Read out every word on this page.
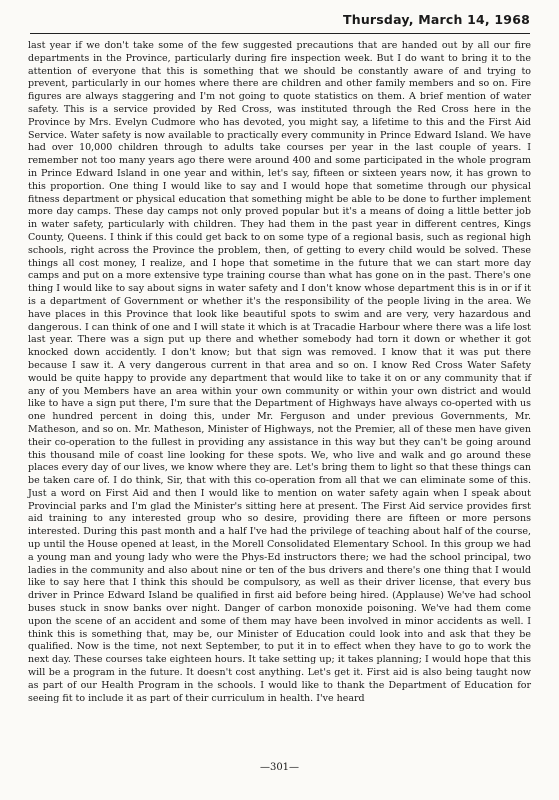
Thursday, March 14, 1968

last year if we don't take some of the few suggested precautions that are handed out by all our fire departments in the Province, particularly during fire inspection week. But I do want to bring it to the attention of everyone that this is something that we should be constantly aware of and trying to prevent, particularly in our homes where there are children and other family members and so on. Fire figures are always staggering and I'm not going to quote statistics on them. A brief mention of water safety. This is a service provided by Red Cross, was instituted through the Red Cross here in the Province by Mrs. Evelyn Cudmore who has devoted, you might say, a lifetime to this and the First Aid Service. Water safety is now available to practically every community in Prince Edward Island. We have had over 10,000 children through to adults take courses per year in the last couple of years. I remember not too many years ago there were around 400 and some participated in the whole program in Prince Edward Island in one year and within, let's say, fifteen or sixteen years now, it has grown to this proportion. One thing I would like to say and I would hope that sometime through our physical fitness department or physical education that something might be able to be done to further implement more day camps. These day camps not only proved popular but it's a means of doing a little better job in water safety, particularly with children. They had them in the past year in different centres, Kings County, Queens. I think if this could get back to on some type of a regional basis, such as regional high schools, right across the Province the problem, then, of getting to every child would be solved. These things all cost money, I realize, and I hope that sometime in the future that we can start more day camps and put on a more extensive type training course than what has gone on in the past. There's one thing I would like to say about signs in water safety and I don't know whose department this is in or if it is a department of Government or whether it's the responsibility of the people living in the area. We have places in this Province that look like beautiful spots to swim and are very, very hazardous and dangerous. I can think of one and I will state it which is at Tracadie Harbour where there was a life lost last year. There was a sign put up there and whether somebody had torn it down or whether it got knocked down accidently. I don't know; but that sign was removed. I know that it was put there because I saw it. A very dangerous current in that area and so on. I know Red Cross Water Safety would be quite happy to provide any department that would like to take it on or any community that if any of you Members have an area within your own community or within your own district and would like to have a sign put there, I'm sure that the Department of Highways have always co-operted with us one hundred percent in doing this, under Mr. Ferguson and under previous Governments, Mr. Matheson, and so on. Mr. Matheson, Minister of Highways, not the Premier, all of these men have given their co-operation to the fullest in providing any assistance in this way but they can't be going around this thousand mile of coast line looking for these spots. We, who live and walk and go around these places every day of our lives, we know where they are. Let's bring them to light so that these things can be taken care of. I do think, Sir, that with this co-operation from all that we can eliminate some of this. Just a word on First Aid and then I would like to mention on water safety again when I speak about Provincial parks and I'm glad the Minister's sitting here at present. The First Aid service provides first aid training to any interested group who so desire, providing there are fifteen or more persons interested. During this past month and a half I've had the privilege of teaching about half of the course, up until the House opened at least, in the Morell Consolidated Elementary School. In this group we had a young man and young lady who were the Phys-Ed instructors there; we had the school principal, two ladies in the community and also about nine or ten of the bus drivers and there's one thing that I would like to say here that I think this should be compulsory, as well as their driver license, that every bus driver in Prince Edward Island be qualified in first aid before being hired. (Applause) We've had school buses stuck in snow banks over night. Danger of carbon monoxide poisoning. We've had them come upon the scene of an accident and some of them may have been involved in minor accidents as well. I think this is something that, may be, our Minister of Education could look into and ask that they be qualified. Now is the time, not next September, to put it in to effect when they have to go to work the next day. These courses take eighteen hours. It take setting up; it takes planning; I would hope that this will be a program in the future. It doesn't cost anything. Let's get it. First aid is also being taught now as part of our Health Program in the schools. I would like to thank the Department of Education for seeing fit to include it as part of their curriculum in health. I've heard

—301—
